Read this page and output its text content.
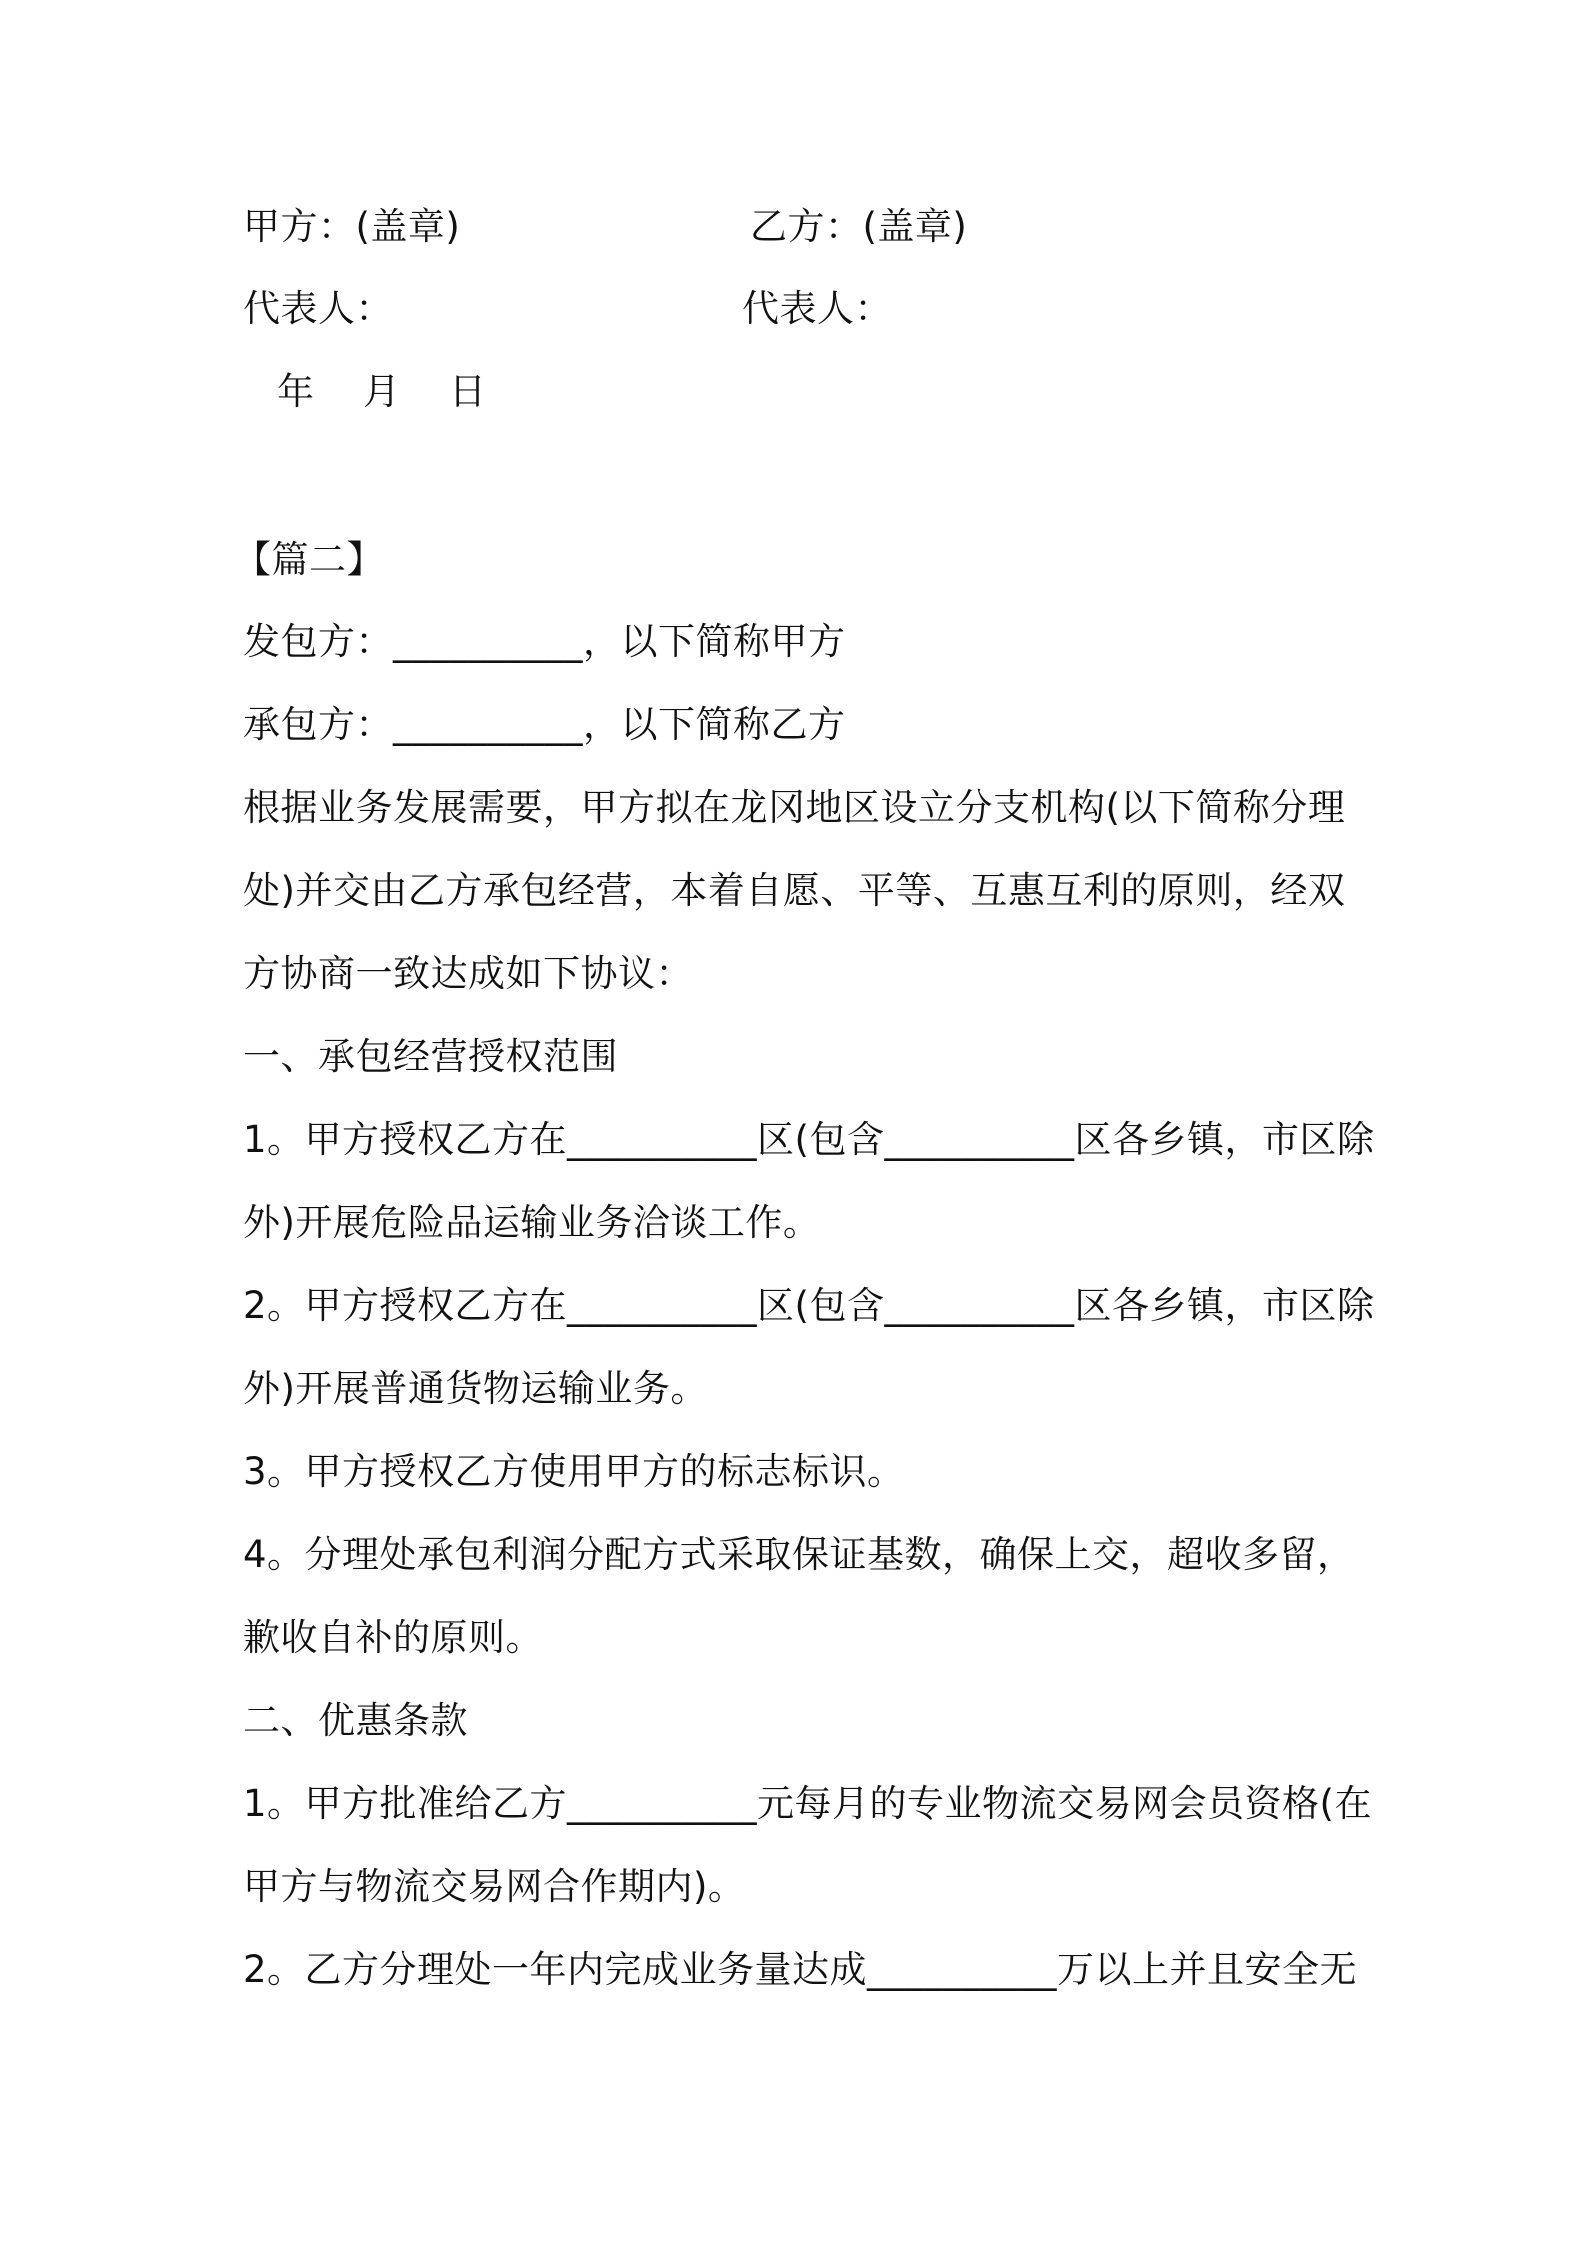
甲方：(盖章)	乙方：(盖章)
代表人：	代表人：
年　月　日
【篇二】
发包方：__________，以下简称甲方
承包方：__________，以下简称乙方
根据业务发展需要，甲方拟在龙冈地区设立分支机构(以下简称分理
处)并交由乙方承包经营，本着自愿、平等、互惠互利的原则，经双
方协商一致达成如下协议：
一、承包经营授权范围
1。甲方授权乙方在__________区(包含__________区各乡镇，市区除
外)开展危险品运输业务洽谈工作。
2。甲方授权乙方在__________区(包含__________区各乡镇，市区除
外)开展普通货物运输业务。
3。甲方授权乙方使用甲方的标志标识。
4。分理处承包利润分配方式采取保证基数，确保上交，超收多留，
歉收自补的原则。
二、优惠条款
1。甲方批准给乙方__________元每月的专业物流交易网会员资格(在
甲方与物流交易网合作期内)。
2。乙方分理处一年内完成业务量达成__________万以上并且安全无
